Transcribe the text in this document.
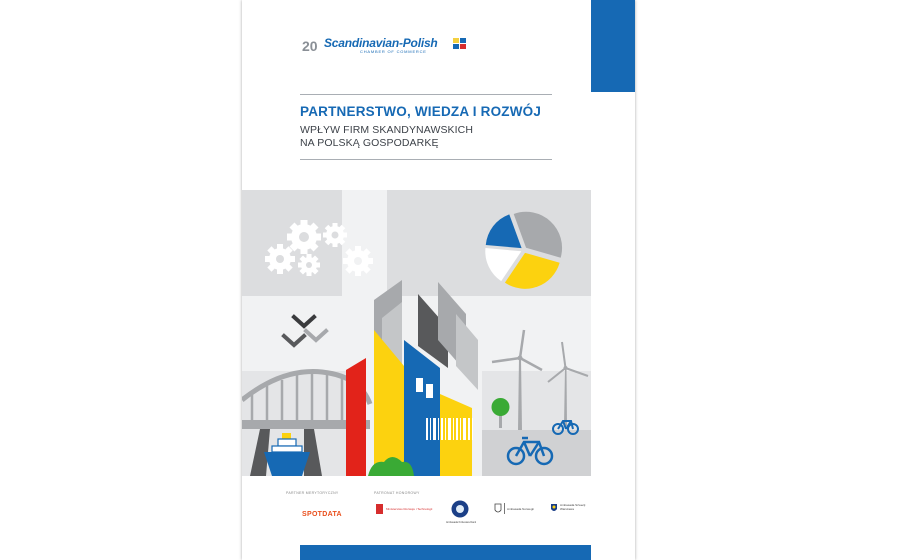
20 Scandinavian-Polish
CHAMBER OF COMMERCE
PARTNERSTWO, WIEDZA I ROZWÓJ
WPŁYW FIRM SKANDYNAWSKICH
NA POLSKĄ GOSPODARKĘ
PARTNER MERYTORYCZNY	PATRONAT HONOROWY
SPOTDATA
Ministerstwo Rozwoju i Technologii
Ambasada Królestwa Danii
Ambasada Norwegii
Ambasada Szwecji Warszawa
